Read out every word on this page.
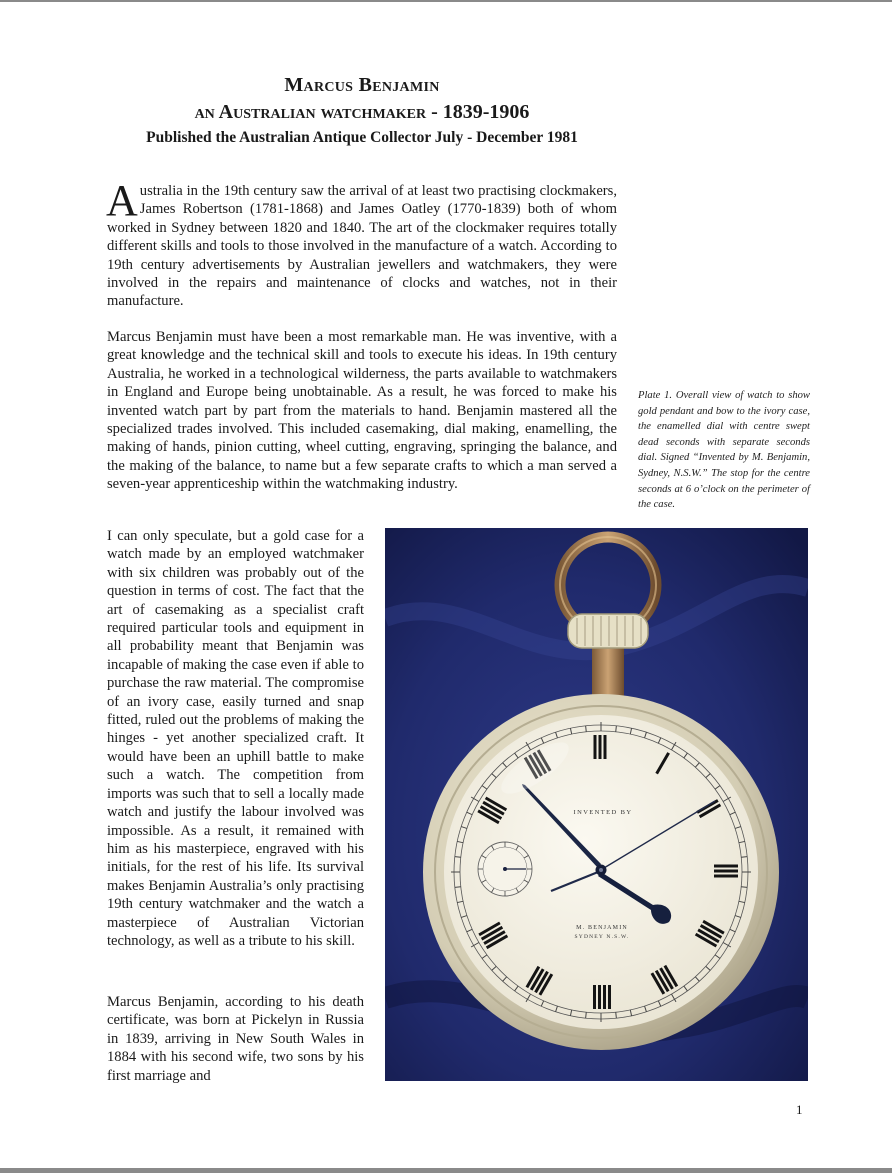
Marcus Benjamin
an Australian watchmaker - 1839-1906
Published the Australian Antique Collector July - December 1981

Australia in the 19th century saw the arrival of at least two practising clockmakers, James Robertson (1781-1868) and James Oatley (1770-1839) both of whom worked in Sydney between 1820 and 1840. The art of the clockmaker requires totally different skills and tools to those involved in the manufacture of a watch. According to 19th century advertisements by Australian jewellers and watchmakers, they were involved in the repairs and maintenance of clocks and watches, not in their manufacture.

Marcus Benjamin must have been a most remarkable man. He was inventive, with a great knowledge and the technical skill and tools to execute his ideas. In 19th century Australia, he worked in a technological wilderness, the parts available to watchmakers in England and Europe being unobtainable. As a result, he was forced to make his invented watch part by part from the materials to hand. Benjamin mastered all the specialized trades involved. This included casemaking, dial making, enamelling, the making of hands, pinion cutting, wheel cutting, engraving, springing the balance, and the making of the balance, to name but a few separate crafts to which a man served a seven-year apprenticeship within the watchmaking industry.

Plate 1. Overall view of watch to show gold pendant and bow to the ivory case, the enamelled dial with centre swept dead seconds with separate seconds dial. Signed “Invented by M. Benjamin, Sydney, N.S.W.” The stop for the centre seconds at 6 o’clock on the perimeter of the case.

I can only speculate, but a gold case for a watch made by an employed watchmaker with six children was probably out of the question in terms of cost. The fact that the art of casemaking as a specialist craft required particular tools and equipment in all probability meant that Benjamin was incapable of making the case even if able to purchase the raw material. The compromise of an ivory case, easily turned and snap fitted, ruled out the problems of making the hinges - yet another specialized craft. It would have been an uphill battle to make such a watch. The competition from imports was such that to sell a locally made watch and justify the labour involved was impossible. As a result, it remained with him as his masterpiece, engraved with his initials, for the rest of his life. Its survival makes Benjamin Australia’s only practising 19th century watchmaker and the watch a masterpiece of Australian Victorian technology, as well as a tribute to his skill.

Marcus Benjamin, according to his death certificate, was born at Pickelyn in Russia in 1839, arriving in New South Wales in 1884 with his second wife, two sons by his first marriage and

INVENTED BY
M. BENJAMIN
SYDNEY N.S.W.
1
